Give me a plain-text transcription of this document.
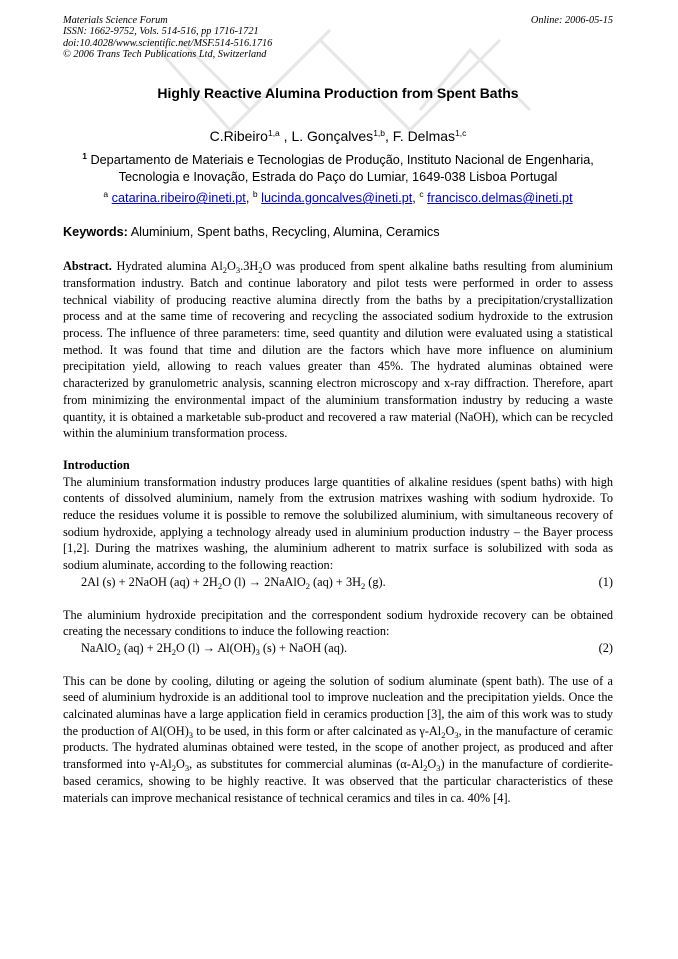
Materials Science Forum
ISSN: 1662-9752, Vols. 514-516, pp 1716-1721
doi:10.4028/www.scientific.net/MSF.514-516.1716
© 2006 Trans Tech Publications Ltd, Switzerland
Online: 2006-05-15
Highly Reactive Alumina Production from Spent Baths
C.Ribeiro$^{1,a}$ , L. Gonçalves$^{1,b}$, F. Delmas$^{1,c}$
$^1$ Departamento de Materiais e Tecnologias de Produção, Instituto Nacional de Engenharia, Tecnologia e Inovação, Estrada do Paço do Lumiar, 1649-038 Lisboa Portugal
$^a$ catarina.ribeiro@ineti.pt, $^b$ lucinda.goncalves@ineti.pt, $^c$ francisco.delmas@ineti.pt
Keywords: Aluminium, Spent baths, Recycling, Alumina, Ceramics
Abstract. Hydrated alumina $Al_2O_3.3H_2O$ was produced from spent alkaline baths resulting from aluminium transformation industry. Batch and continue laboratory and pilot tests were performed in order to assess technical viability of producing reactive alumina directly from the baths by a precipitation/crystallization process and at the same time of recovering and recycling the associated sodium hydroxide to the extrusion process. The influence of three parameters: time, seed quantity and dilution were evaluated using a statistical method. It was found that time and dilution are the factors which have more influence on aluminium precipitation yield, allowing to reach values greater than 45%. The hydrated aluminas obtained were characterized by granulometric analysis, scanning electron microscopy and x-ray diffraction. Therefore, apart from minimizing the environmental impact of the aluminium transformation industry by reducing a waste quantity, it is obtained a marketable sub-product and recovered a raw material (NaOH), which can be recycled within the aluminium transformation process.
Introduction
The aluminium transformation industry produces large quantities of alkaline residues (spent baths) with high contents of dissolved aluminium, namely from the extrusion matrixes washing with sodium hydroxide. To reduce the residues volume it is possible to remove the solubilized aluminium, with simultaneous recovery of sodium hydroxide, applying a technology already used in aluminium production industry – the Bayer process [1,2]. During the matrixes washing, the aluminium adherent to matrix surface is solubilized with soda as sodium aluminate, according to the following reaction:
2Al (s) + 2NaOH $(aq) + 2H_2O$ (l) → 2NaAlO$_2$ $(aq) + 3H_2$ (g).	(1)
The aluminium hydroxide precipitation and the correspondent sodium hydroxide recovery can be obtained creating the necessary conditions to induce the following reaction:
NaAlO$_2$ $(aq) + 2H_2O$ $(l) \to Al(OH)_3$ (s) + NaOH (aq).	(2)
This can be done by cooling, diluting or ageing the solution of sodium aluminate (spent bath). The use of a seed of aluminium hydroxide is an additional tool to improve nucleation and the precipitation yields. Once the calcinated aluminas have a large application field in ceramics production [3], the aim of this work was to study the production of $Al(OH)_3$ to be used, in this form or after calcinated as $\gamma-Al_2O_3$, in the manufacture of ceramic products. The hydrated aluminas obtained were tested, in the scope of another project, as produced and after transformed into $\gamma-Al_2O_3$, as substitutes for commercial aluminas $(\alpha-Al_2O_3)$ in the manufacture of cordierite-based ceramics, showing to be highly reactive. It was observed that the particular characteristics of these materials can improve mechanical resistance of technical ceramics and tiles in ca. 40% [4].
